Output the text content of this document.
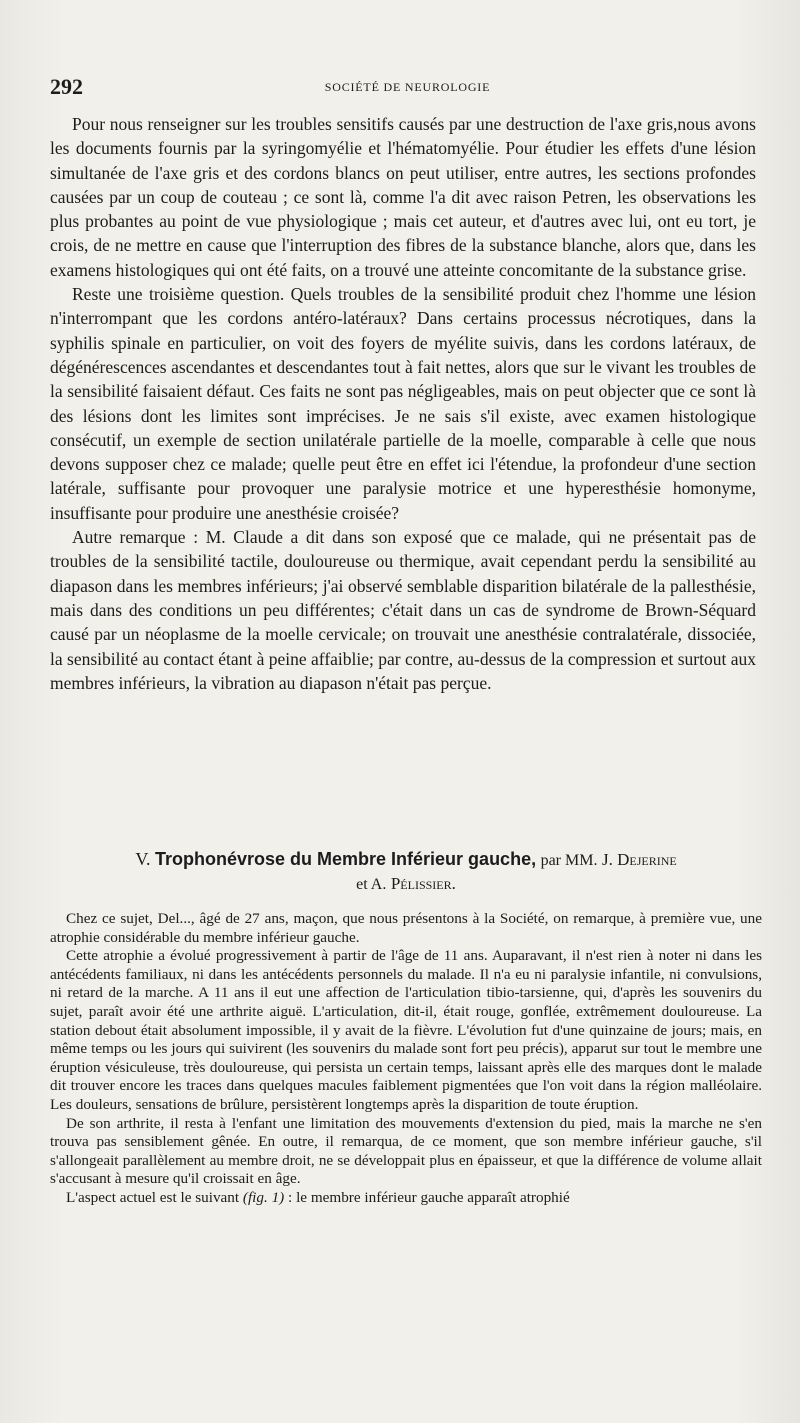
292	SOCIÉTÉ DE NEUROLOGIE

Pour nous renseigner sur les troubles sensitifs causés par une destruction de l'axe gris,nous avons les documents fournis par la syringomyélie et l'hématomyélie. Pour étudier les effets d'une lésion simultanée de l'axe gris et des cordons blancs on peut utiliser, entre autres, les sections profondes causées par un coup de couteau ; ce sont là, comme l'a dit avec raison Petren, les observations les plus probantes au point de vue physiologique ; mais cet auteur, et d'autres avec lui, ont eu tort, je crois, de ne mettre en cause que l'interruption des fibres de la substance blanche, alors que, dans les examens histologiques qui ont été faits, on a trouvé une atteinte concomitante de la substance grise.

Reste une troisième question. Quels troubles de la sensibilité produit chez l'homme une lésion n'interrompant que les cordons antéro-latéraux? Dans certains processus nécrotiques, dans la syphilis spinale en particulier, on voit des foyers de myélite suivis, dans les cordons latéraux, de dégénérescences ascendantes et descendantes tout à fait nettes, alors que sur le vivant les troubles de la sensibilité faisaient défaut. Ces faits ne sont pas négligeables, mais on peut objecter que ce sont là des lésions dont les limites sont imprécises. Je ne sais s'il existe, avec examen histologique consécutif, un exemple de section unilatérale partielle de la moelle, comparable à celle que nous devons supposer chez ce malade; quelle peut être en effet ici l'étendue, la profondeur d'une section latérale, suffisante pour provoquer une paralysie motrice et une hyperesthésie homonyme, insuffisante pour produire une anesthésie croisée?

Autre remarque : M. Claude a dit dans son exposé que ce malade, qui ne présentait pas de troubles de la sensibilité tactile, douloureuse ou thermique, avait cependant perdu la sensibilité au diapason dans les membres inférieurs; j'ai observé semblable disparition bilatérale de la pallesthésie, mais dans des conditions un peu différentes; c'était dans un cas de syndrome de Brown-Séquard causé par un néoplasme de la moelle cervicale; on trouvait une anesthésie contralatérale, dissociée, la sensibilité au contact étant à peine affaiblie; par contre, au-dessus de la compression et surtout aux membres inférieurs, la vibration au diapason n'était pas perçue.

V. Trophonévrose du Membre Inférieur gauche, par MM. J. Dejerine
et A. Pélissier.

Chez ce sujet, Del..., âgé de 27 ans, maçon, que nous présentons à la Société, on remarque, à première vue, une atrophie considérable du membre inférieur gauche.

Cette atrophie a évolué progressivement à partir de l'âge de 11 ans. Auparavant, il n'est rien à noter ni dans les antécédents familiaux, ni dans les antécédents personnels du malade. Il n'a eu ni paralysie infantile, ni convulsions, ni retard de la marche. A 11 ans il eut une affection de l'articulation tibio-tarsienne, qui, d'après les souvenirs du sujet, paraît avoir été une arthrite aiguë. L'articulation, dit-il, était rouge, gonflée, extrêmement douloureuse. La station debout était absolument impossible, il y avait de la fièvre. L'évolution fut d'une quinzaine de jours; mais, en même temps ou les jours qui suivirent (les souvenirs du malade sont fort peu précis), apparut sur tout le membre une éruption vésiculeuse, très douloureuse, qui persista un certain temps, laissant après elle des marques dont le malade dit trouver encore les traces dans quelques macules faiblement pigmentées que l'on voit dans la région malléolaire. Les douleurs, sensations de brûlure, persistèrent longtemps après la disparition de toute éruption.

De son arthrite, il resta à l'enfant une limitation des mouvements d'extension du pied, mais la marche ne s'en trouva pas sensiblement gênée. En outre, il remarqua, de ce moment, que son membre inférieur gauche, s'il s'allongeait parallèlement au membre droit, ne se développait plus en épaisseur, et que la différence de volume allait s'accusant à mesure qu'il croissait en âge.

L'aspect actuel est le suivant (fig. 1) : le membre inférieur gauche apparaît atrophié
